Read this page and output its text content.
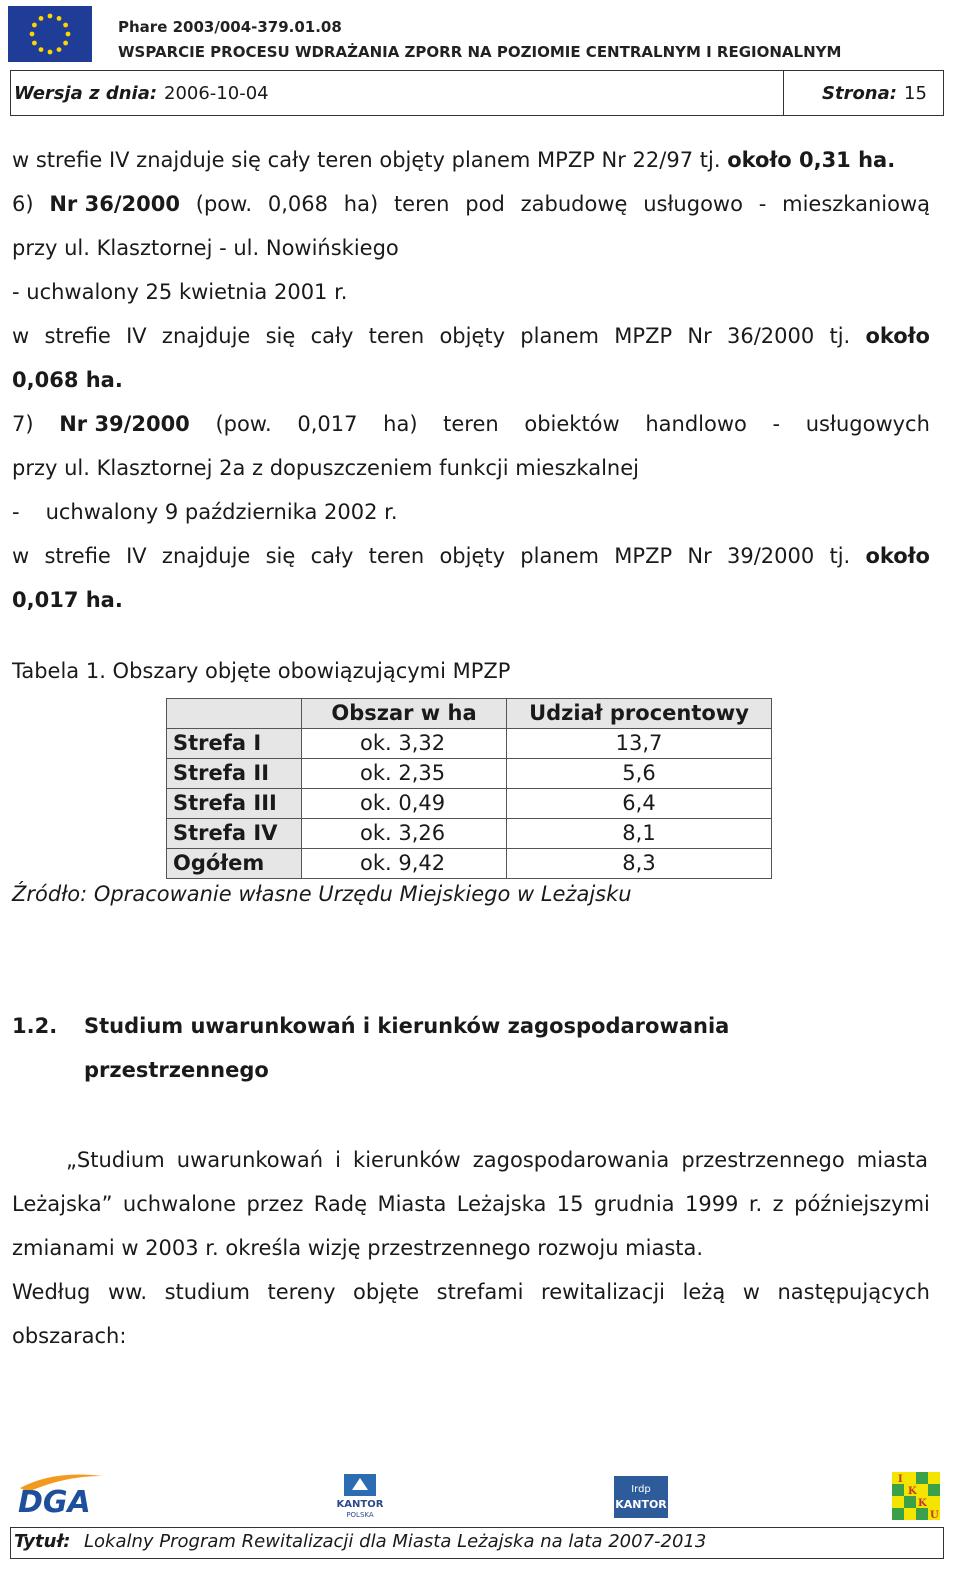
Phare 2003/004-379.01.08
WSPARCIE PROCESU WDRAŻANIA ZPORR NA POZIOMIE CENTRALNYM I REGIONALNYM
Wersja z dnia: 2006-10-04	Strona: 15
w strefie IV znajduje się cały teren objęty planem MPZP Nr 22/97 tj. około 0,31 ha.
6) Nr 36/2000 (pow. 0,068 ha) teren pod zabudowę usługowo - mieszkaniową
przy ul. Klasztornej - ul. Nowińskiego
- uchwalony 25 kwietnia 2001 r.
w strefie IV znajduje się cały teren objęty planem MPZP Nr 36/2000 tj. około
0,068 ha.
7) Nr 39/2000 (pow. 0,017 ha) teren obiektów handlowo - usługowych
przy ul. Klasztornej 2a z dopuszczeniem funkcji mieszkalnej
- uchwalony 9 października 2002 r.
w strefie IV znajduje się cały teren objęty planem MPZP Nr 39/2000 tj. około
0,017 ha.
Tabela 1. Obszary objęte obowiązującymi MPZP
	Obszar w ha	Udział procentowy
Strefa I	ok. 3,32	13,7
Strefa II	ok. 2,35	5,6
Strefa III	ok. 0,49	6,4
Strefa IV	ok. 3,26	8,1
Ogółem	ok. 9,42	8,3
Źródło: Opracowanie własne Urzędu Miejskiego w Leżajsku
1.2. Studium uwarunkowań i kierunków zagospodarowania
przestrzennego
„Studium uwarunkowań i kierunków zagospodarowania przestrzennego miasta
Leżajska” uchwalone przez Radę Miasta Leżajska 15 grudnia 1999 r. z późniejszymi
zmianami w 2003 r. określa wizję przestrzennego rozwoju miasta.
Według ww. studium tereny objęte strefami rewitalizacji leżą w następujących
obszarach:
DGA	KANTOR
POLSKA
Irdp
KANTOR
I
K
K
U
Tytuł: Lokalny Program Rewitalizacji dla Miasta Leżajska na lata 2007-2013
